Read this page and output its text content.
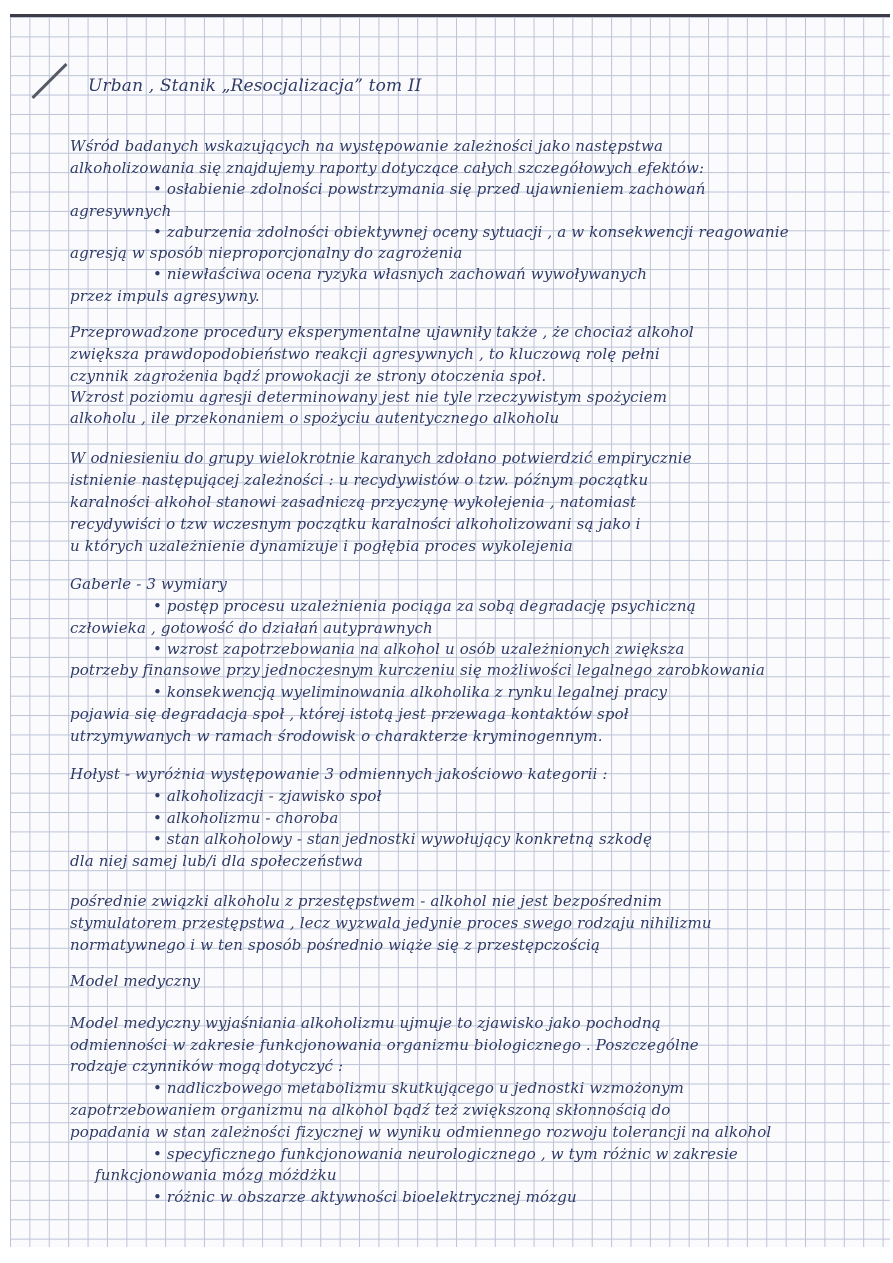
Urban , Stanik „Resocjalizacja” tom II

Wśród badanych wskazujących na występowanie zależności jako następstwa

alkoholizowania się znajdujemy raporty dotyczące całych szczegółowych efektów:

• osłabienie zdolności powstrzymania się przed ujawnieniem zachowań

agresywnych

• zaburzenia zdolności obiektywnej oceny sytuacji , a w konsekwencji reagowanie

agresją w sposób nieproporcjonalny do zagrożenia

• niewłaściwa ocena ryzyka własnych zachowań wywoływanych

przez impuls agresywny.

Przeprowadzone procedury eksperymentalne ujawniły także , że chociaż alkohol

zwiększa prawdopodobieństwo reakcji agresywnych , to kluczową rolę pełni

czynnik zagrożenia bądź prowokacji ze strony otoczenia społ.

Wzrost poziomu agresji determinowany jest nie tyle rzeczywistym spożyciem

alkoholu , ile przekonaniem o spożyciu autentycznego alkoholu

W odniesieniu do grupy wielokrotnie karanych zdołano potwierdzić empirycznie

istnienie następującej zależności : u recydywistów o tzw. późnym początku

karalności alkohol stanowi zasadniczą przyczynę wykolejenia , natomiast

recydywiści o tzw wczesnym początku karalności alkoholizowani są jako i

u których uzależnienie dynamizuje i pogłębia proces wykolejenia

Gaberle - 3 wymiary

• postęp procesu uzależnienia pociąga za sobą degradację psychiczną

człowieka , gotowość do działań autyprawnych

• wzrost zapotrzebowania na alkohol u osób uzależnionych zwiększa

potrzeby finansowe przy jednoczesnym kurczeniu się możliwości legalnego zarobkowania

• konsekwencją wyeliminowania alkoholika z rynku legalnej pracy

pojawia się degradacja społ , której istotą jest przewaga kontaktów społ

utrzymywanych w ramach środowisk o charakterze kryminogennym.

Hołyst - wyróżnia występowanie 3 odmiennych jakościowo kategorii :

• alkoholizacji - zjawisko społ

• alkoholizmu - choroba

• stan alkoholowy - stan jednostki wywołujący konkretną szkodę

dla niej samej lub/i dla społeczeństwa

pośrednie związki alkoholu z przestępstwem - alkohol nie jest bezpośrednim

stymulatorem przestępstwa , lecz wyzwala jedynie proces swego rodzaju nihilizmu

normatywnego i w ten sposób pośrednio wiąże się z przestępczością

Model medyczny

Model medyczny wyjaśniania alkoholizmu ujmuje to zjawisko jako pochodną

odmienności w zakresie funkcjonowania organizmu biologicznego . Poszczególne

rodzaje czynników mogą dotyczyć :

• nadliczbowego metabolizmu skutkującego u jednostki wzmożonym

zapotrzebowaniem organizmu na alkohol bądź też zwiększoną skłonnością do

popadania w stan zależności fizycznej w wyniku odmiennego rozwoju tolerancji na alkohol

• specyficznego funkcjonowania neurologicznego , w tym różnic w zakresie

funkcjonowania mózg móżdżku

• różnic w obszarze aktywności bioelektrycznej mózgu
